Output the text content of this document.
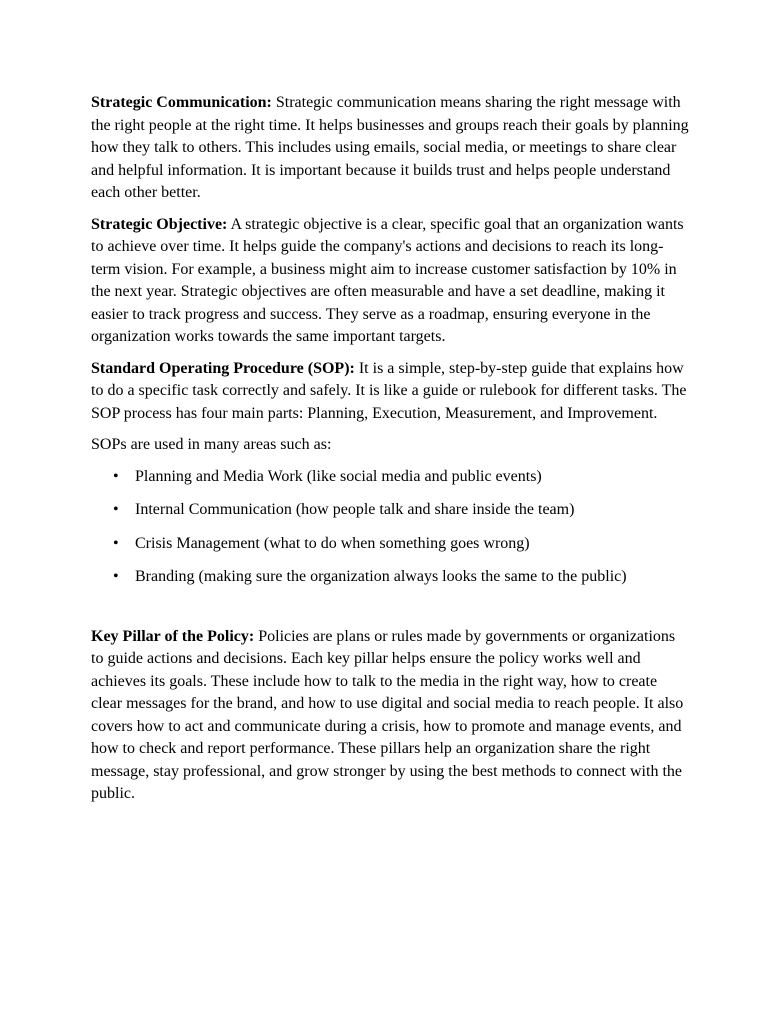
Strategic Communication: Strategic communication means sharing the right message with the right people at the right time. It helps businesses and groups reach their goals by planning how they talk to others. This includes using emails, social media, or meetings to share clear and helpful information. It is important because it builds trust and helps people understand each other better.

Strategic Objective: A strategic objective is a clear, specific goal that an organization wants to achieve over time. It helps guide the company's actions and decisions to reach its long-term vision. For example, a business might aim to increase customer satisfaction by 10% in the next year. Strategic objectives are often measurable and have a set deadline, making it easier to track progress and success. They serve as a roadmap, ensuring everyone in the organization works towards the same important targets.

Standard Operating Procedure (SOP): It is a simple, step-by-step guide that explains how to do a specific task correctly and safely. It is like a guide or rulebook for different tasks. The SOP process has four main parts: Planning, Execution, Measurement, and Improvement.

SOPs are used in many areas such as:

• Planning and Media Work (like social media and public events)
• Internal Communication (how people talk and share inside the team)
• Crisis Management (what to do when something goes wrong)
• Branding (making sure the organization always looks the same to the public)

Key Pillar of the Policy: Policies are plans or rules made by governments or organizations to guide actions and decisions. Each key pillar helps ensure the policy works well and achieves its goals. These include how to talk to the media in the right way, how to create clear messages for the brand, and how to use digital and social media to reach people. It also covers how to act and communicate during a crisis, how to promote and manage events, and how to check and report performance. These pillars help an organization share the right message, stay professional, and grow stronger by using the best methods to connect with the public.
